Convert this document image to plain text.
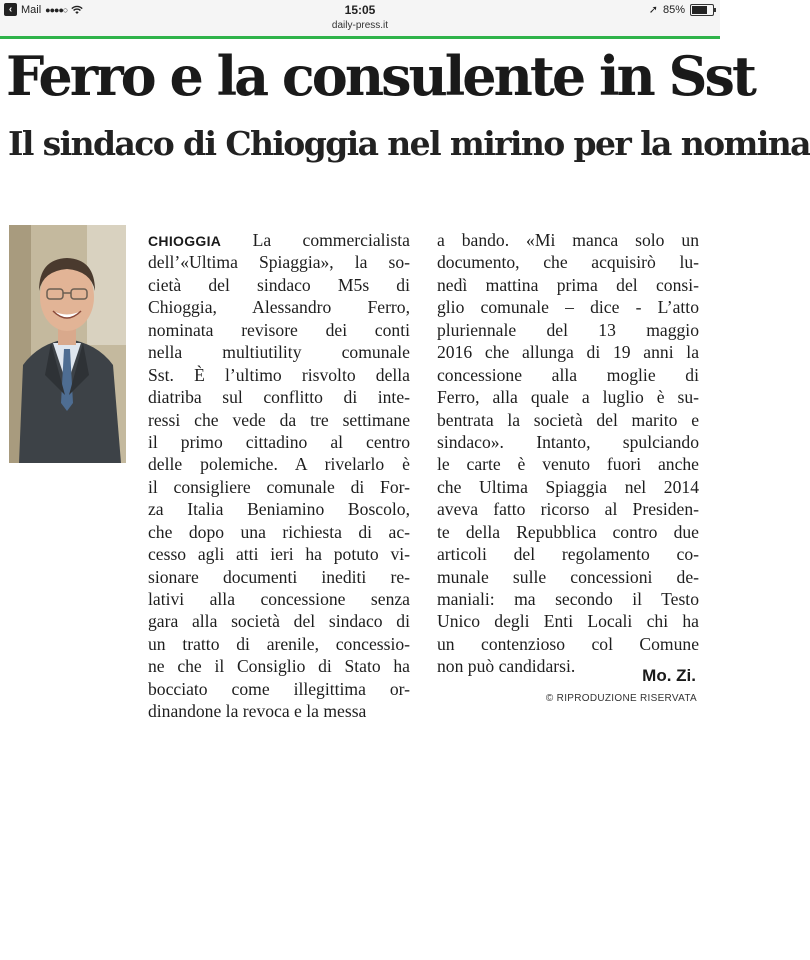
‹ Mail ●●●●○	15:05	➚ 85%
daily-press.it
Ferro e la consulente in Sst
Il sindaco di Chioggia nel mirino per la nomina
CHIOGGIA La commercialista
dell’«Ultima Spiaggia», la so-
cietà del sindaco M5s di
Chioggia, Alessandro Ferro,
nominata revisore dei conti
nella multiutility comunale
Sst. È l’ultimo risvolto della
diatriba sul conflitto di inte-
ressi che vede da tre settimane
il primo cittadino al centro
delle polemiche. A rivelarlo è
il consigliere comunale di For-
za Italia Beniamino Boscolo,
che dopo una richiesta di ac-
cesso agli atti ieri ha potuto vi-
sionare documenti inediti re-
lativi alla concessione senza
gara alla società del sindaco di
un tratto di arenile, concessio-
ne che il Consiglio di Stato ha
bocciato come illegittima or-
dinandone la revoca e la messa
a bando. «Mi manca solo un
documento, che acquisirò lu-
nedì mattina prima del consi-
glio comunale – dice - L’atto
pluriennale del 13 maggio
2016 che allunga di 19 anni la
concessione alla moglie di
Ferro, alla quale a luglio è su-
bentrata la società del marito e
sindaco». Intanto, spulciando
le carte è venuto fuori anche
che Ultima Spiaggia nel 2014
aveva fatto ricorso al Presiden-
te della Repubblica contro due
articoli del regolamento co-
munale sulle concessioni de-
maniali: ma secondo il Testo
Unico degli Enti Locali chi ha
un contenzioso col Comune
non può candidarsi.	Mo. Zi.
© RIPRODUZIONE RISERVATA
